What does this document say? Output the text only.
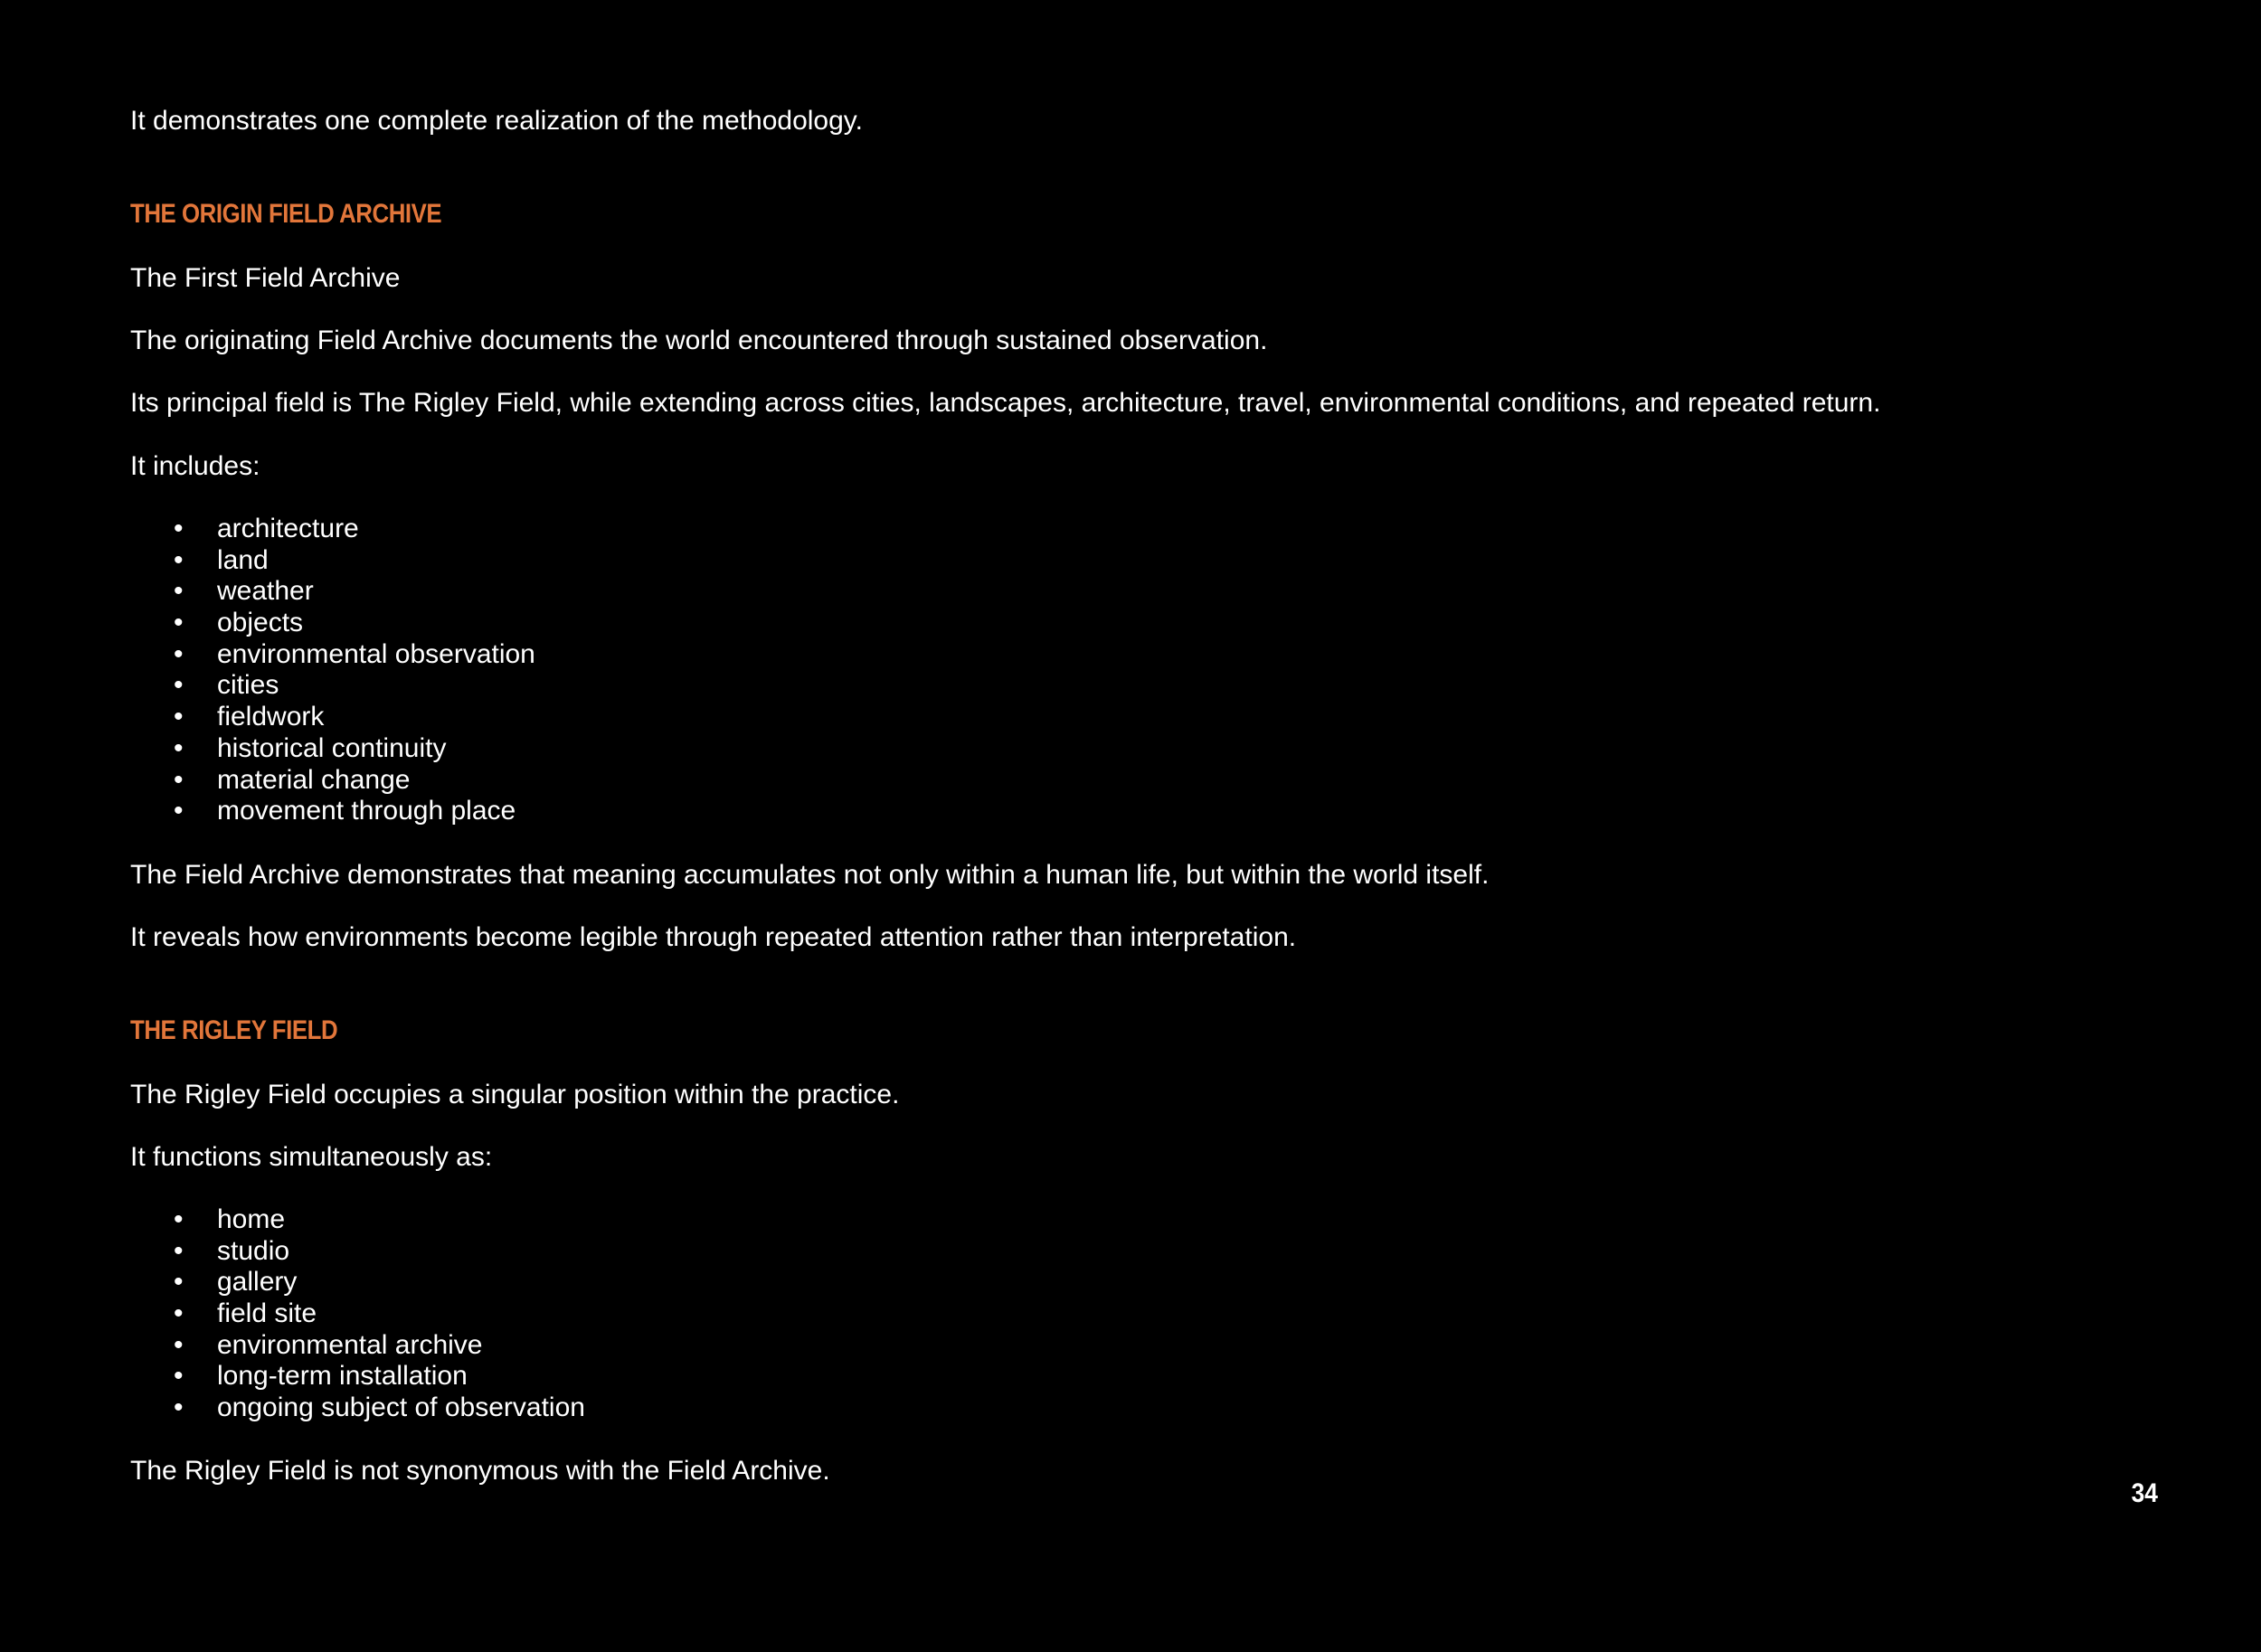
It demonstrates one complete realization of the methodology.
THE ORIGIN FIELD ARCHIVE
The First Field Archive
The originating Field Archive documents the world encountered through sustained observation.
Its principal field is The Rigley Field, while extending across cities, landscapes, architecture, travel, environmental conditions, and repeated return.
It includes:
• architecture
• land
• weather
• objects
• environmental observation
• cities
• fieldwork
• historical continuity
• material change
• movement through place
The Field Archive demonstrates that meaning accumulates not only within a human life, but within the world itself.
It reveals how environments become legible through repeated attention rather than interpretation.
THE RIGLEY FIELD
The Rigley Field occupies a singular position within the practice.
It functions simultaneously as:
• home
• studio
• gallery
• field site
• environmental archive
• long-term installation
• ongoing subject of observation
The Rigley Field is not synonymous with the Field Archive.
34
